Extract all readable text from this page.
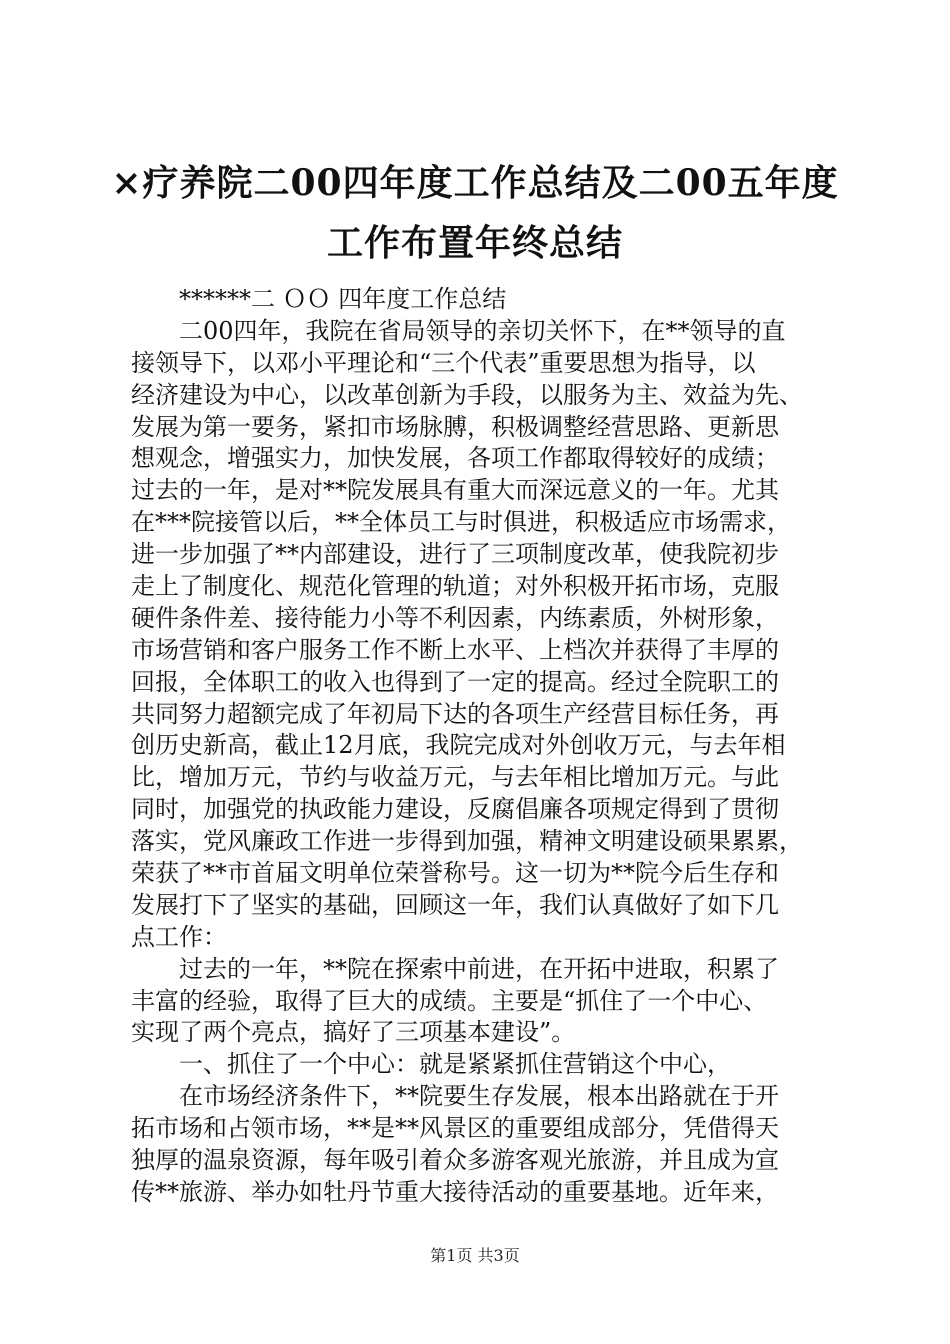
×疗养院二00四年度工作总结及二00五年度
工作布置年终总结
******二 ＯＯ 四年度工作总结
二00四年，我院在省局领导的亲切关怀下，在**领导的直
接领导下，以邓小平理论和“三个代表”重要思想为指导，以
经济建设为中心，以改革创新为手段，以服务为主、效益为先、
发展为第一要务，紧扣市场脉膊，积极调整经营思路、更新思
想观念，增强实力，加快发展，各项工作都取得较好的成绩；
过去的一年，是对**院发展具有重大而深远意义的一年。尤其
在***院接管以后，**全体员工与时俱进，积极适应市场需求，
进一步加强了**内部建设，进行了三项制度改革，使我院初步
走上了制度化、规范化管理的轨道；对外积极开拓市场，克服
硬件条件差、接待能力小等不利因素，内练素质，外树形象，
市场营销和客户服务工作不断上水平、上档次并获得了丰厚的
回报，全体职工的收入也得到了一定的提高。经过全院职工的
共同努力超额完成了年初局下达的各项生产经营目标任务，再
创历史新高，截止12月底，我院完成对外创收万元，与去年相
比，增加万元，节约与收益万元，与去年相比增加万元。与此
同时，加强党的执政能力建设，反腐倡廉各项规定得到了贯彻
落实，党风廉政工作进一步得到加强，精神文明建设硕果累累，
荣获了**市首届文明单位荣誉称号。这一切为**院今后生存和
发展打下了坚实的基础，回顾这一年，我们认真做好了如下几
点工作：
过去的一年，**院在探索中前进，在开拓中进取，积累了
丰富的经验，取得了巨大的成绩。主要是“抓住了一个中心、
实现了两个亮点，搞好了三项基本建设”。
一、抓住了一个中心：就是紧紧抓住营销这个中心，
在市场经济条件下，**院要生存发展，根本出路就在于开
拓市场和占领市场，**是**风景区的重要组成部分，凭借得天
独厚的温泉资源，每年吸引着众多游客观光旅游，并且成为宣
传**旅游、举办如牡丹节重大接待活动的重要基地。近年来，
第1页 共3页
